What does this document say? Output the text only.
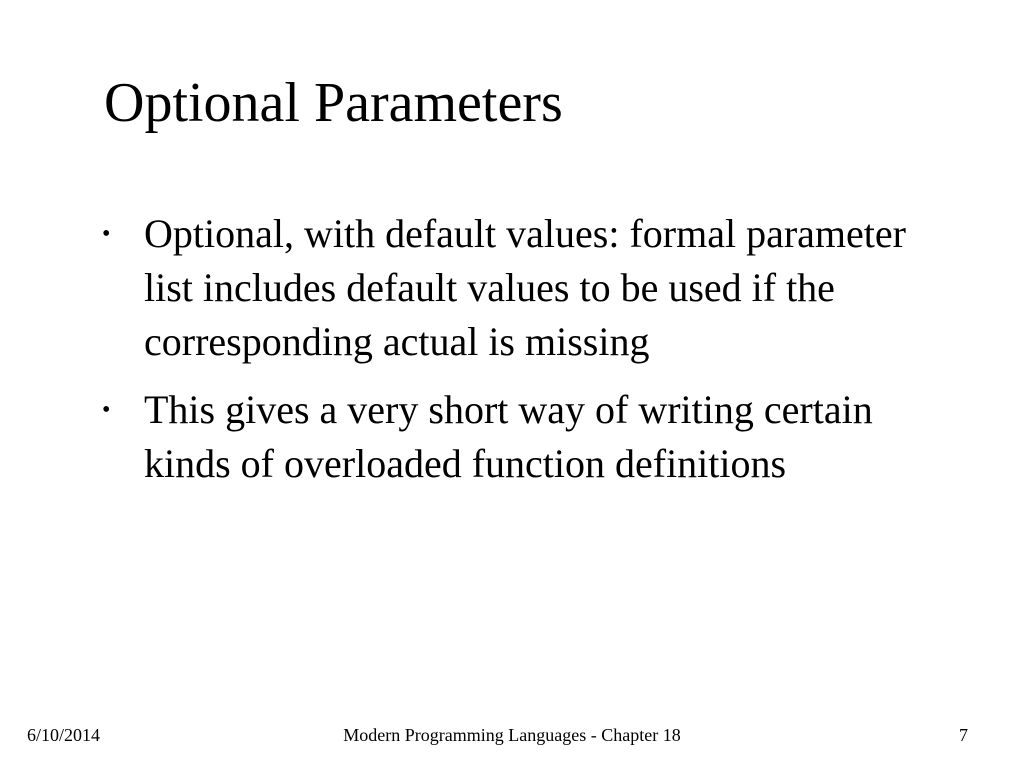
Optional Parameters
• Optional, with default values: formal parameter list includes default values to be used if the corresponding actual is missing
• This gives a very short way of writing certain kinds of overloaded function definitions
6/10/2014	Modern Programming Languages - Chapter 18	7
